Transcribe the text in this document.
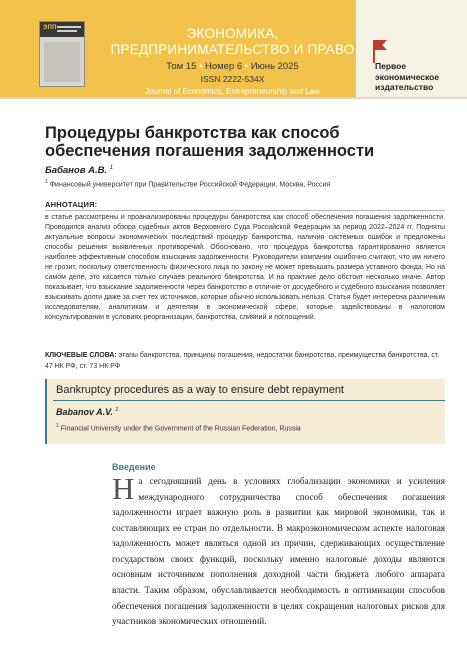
ЭПП	ЭКОНОМИКА,
ПРЕДПРИНИМАТЕЛЬСТВО И ПРАВО
Том 15 • Номер 6 • Июнь 2025
ISSN 2222-534X
Journal of Economics, Entrepreneurship and Law
Первое экономическое издательство
Процедуры банкротства как способ обеспечения погашения задолженности
Бабанов А.В. $^1$
$^1$ Финансовый университет при Правительстве Российской Федерации, Москва, Россия
АННОТАЦИЯ:

в статье рассмотрены и проанализированы процедуры банкротства как способ обеспечения погашения задолженности. Проводился анализ обзора судебных актов Верховного Суда Российской Федерации за период 2022–2024 гг. Подняты актуальные вопросы экономических последствий процедур банкротства, наличия системных ошибок и предложены способы решения выявленных противоречий. Обосновано, что процедура банкротства гарантированно является наиболее эффективным способом взыскания задолженности. Руководители компании ошибочно считают, что им ничего не грозит, поскольку ответственность физического лица по закону не может превышать размера уставного фонда. Но на самом деле, это касается только случаев реального банкротства. И на практике дело обстоит несколько иначе. Автор показывает, что взыскание задолженности через банкротство в отличие от досудебного и судебного взыскания позволяет взыскивать долги даже за счет тех источников, которые обычно использовать нельзя. Статья будет интересна различным исследователям, аналитикам и деятелям в экономической сфере, которые задействованы в налоговом консультировании в условиях реорганизации, банкротства, слияний и поглощений.

КЛЮЧЕВЫЕ СЛОВА: этапы банкротства, принципы погашения, недостатки банкротства, преимущества банкротства, ст. 47 НК РФ, ст. 73 НК РФ

Bankruptcy procedures as a way to ensure debt repayment
Babanov A.V. $^1$
$^1$ Financial University under the Government of the Russian Federation, Russia
Введение

На сегодняшний день в условиях глобализации экономики и усиления международного сотрудничества способ обеспечения погашения задолженности играет важную роль в развитии как мировой экономики, так и составляющих ее стран по отдельности. В макроэкономическом аспекте налоговая задолженность может являться одной из причин, сдерживающих осуществление государством своих функций, поскольку именно налоговые доходы являются основным источником пополнения доходной части бюджета любого аппарата власти. Таким образом, обуславливается необходимость в оптимизации способов обеспечения погашения задолженности в целях сокращения налоговых рисков для участников экономических отношений.
